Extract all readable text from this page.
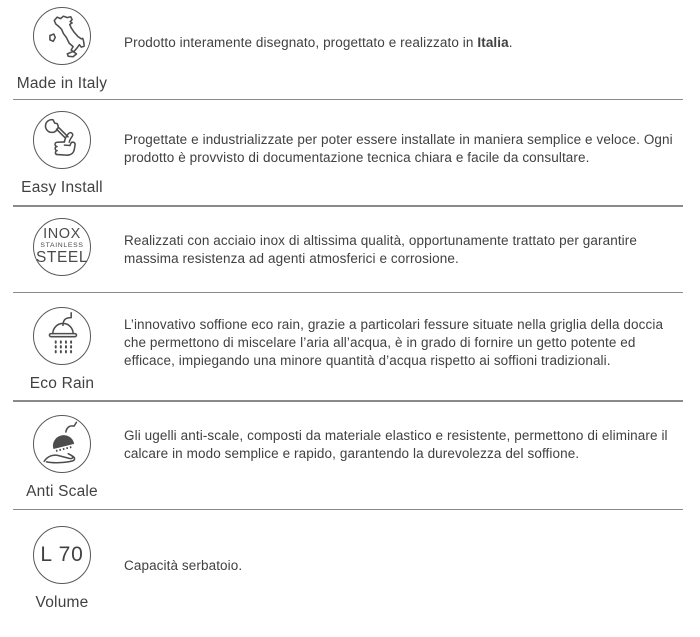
Made in Italy

Prodotto interamente disegnato, progettato e realizzato in Italia.

Easy Install

Progettate e industrializzate per poter essere installate in maniera semplice e veloce. Ogni prodotto è provvisto di documentazione tecnica chiara e facile da consultare.

INOX
STAINLESS
STEEL

Realizzati con acciaio inox di altissima qualità, opportunamente trattato per garantire massima resistenza ad agenti atmosferici e corrosione.

Eco Rain

L’innovativo soffione eco rain, grazie a particolari fessure situate nella griglia della doccia che permettono di miscelare l’aria all’acqua, è in grado di fornire un getto potente ed efficace, impiegando una minore quantità d’acqua rispetto ai soffioni tradizionali.

Anti Scale

Gli ugelli anti-scale, composti da materiale elastico e resistente, permettono di eliminare il calcare in modo semplice e rapido, garantendo la durevolezza del soffione.

L 70
Volume

Capacità serbatoio.
